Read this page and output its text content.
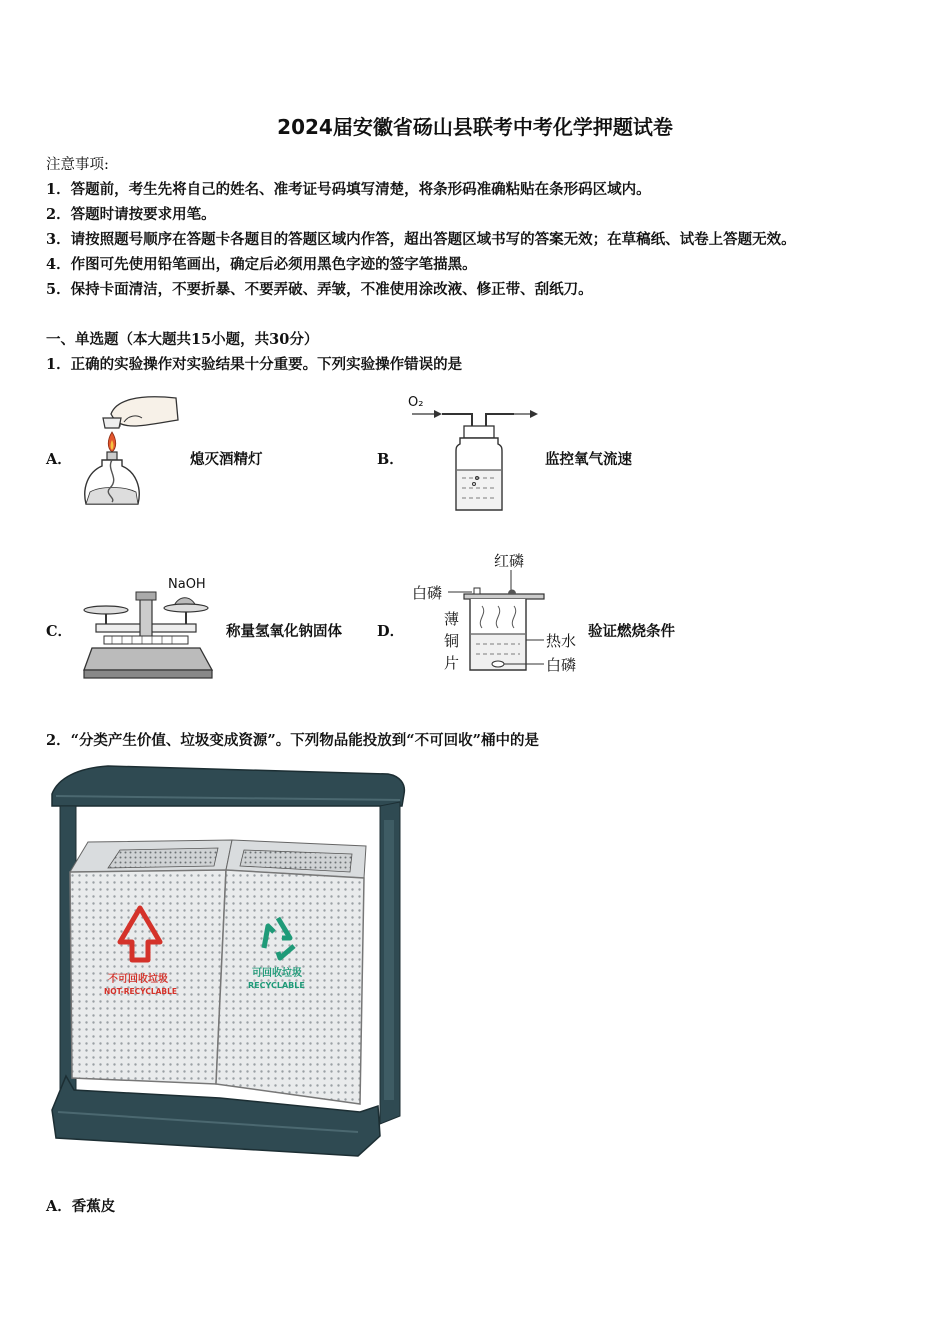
2024届安徽省砀山县联考中考化学押题试卷
注意事项:
1．答题前，考生先将自己的姓名、准考证号码填写清楚，将条形码准确粘贴在条形码区域内。
2．答题时请按要求用笔。
3．请按照题号顺序在答题卡各题目的答题区域内作答，超出答题区域书写的答案无效；在草稿纸、试卷上答题无效。
4．作图可先使用铅笔画出，确定后必须用黑色字迹的签字笔描黑。
5．保持卡面清洁，不要折暴、不要弄破、弄皱，不准使用涂改液、修正带、刮纸刀。
一、单选题（本大题共15小题，共30分）
1．正确的实验操作对实验结果十分重要。下列实验操作错误的是
A．	熄灭酒精灯	B．
O₂
监控氧气流速
C．
NaOH
称量氢氧化钠固体 D．
红磷
白磷
薄
铜
片
热水
白磷
验证燃烧条件
2．“分类产生价值、垃圾变成资源”。下列物品能投放到“不可回收”桶中的是
不可回收垃圾
NOT-RECYCLABLE
可回收垃圾
RECYCLABLE
A．香蕉皮
